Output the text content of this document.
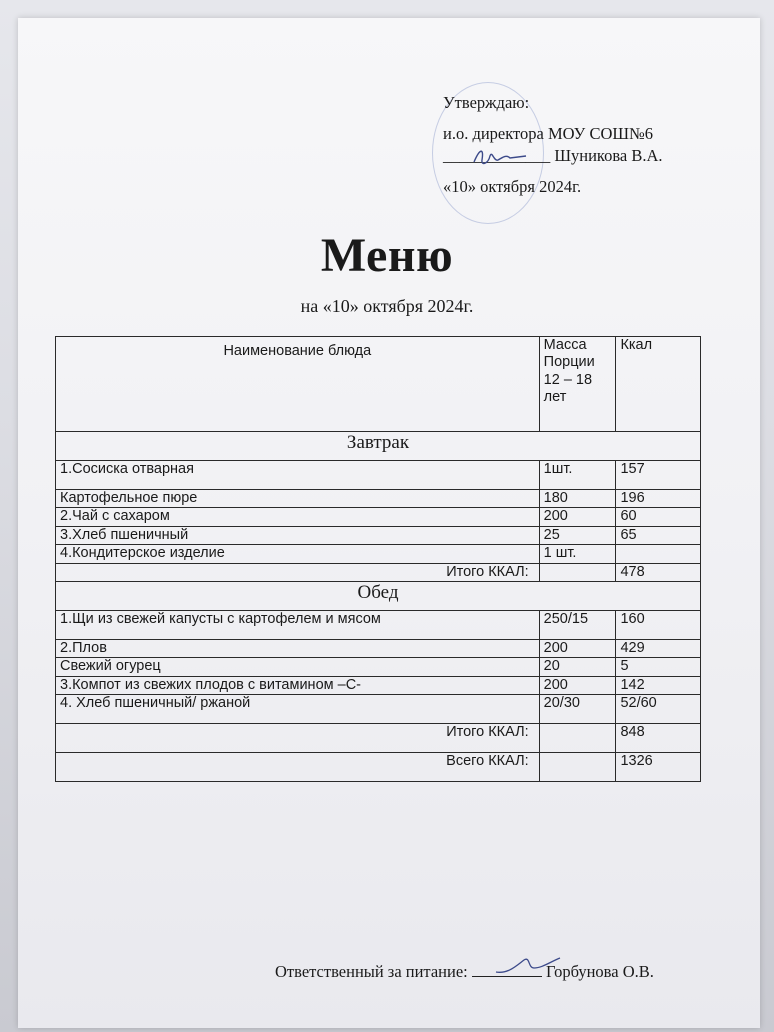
Утверждаю:
и.о. директора МОУ СОШ№6
_____________ Шуникова В.А.
«10» октября 2024г.
Меню
на «10» октября 2024г.
Наименование блюда	Масса Порции 12 – 18 лет	Ккал
Завтрак		
1.Сосиска отварная	1шт.	157
Картофельное пюре	180	196
2.Чай с сахаром	200	60
3.Хлеб пшеничный	25	65
4.Кондитерское изделие	1 шт.	
Итого ККАЛ:		478
Обед		
1.Щи из свежей капусты с картофелем и мясом	250/15	160
2.Плов	200	429
Свежий огурец	20	5
3.Компот из свежих плодов с витамином –С-	200	142
4. Хлеб пшеничный/ ржаной	20/30	52/60
Итого ККАЛ:		848
Всего ККАЛ:		1326
Ответственный за питание:	Горбунова О.В.
